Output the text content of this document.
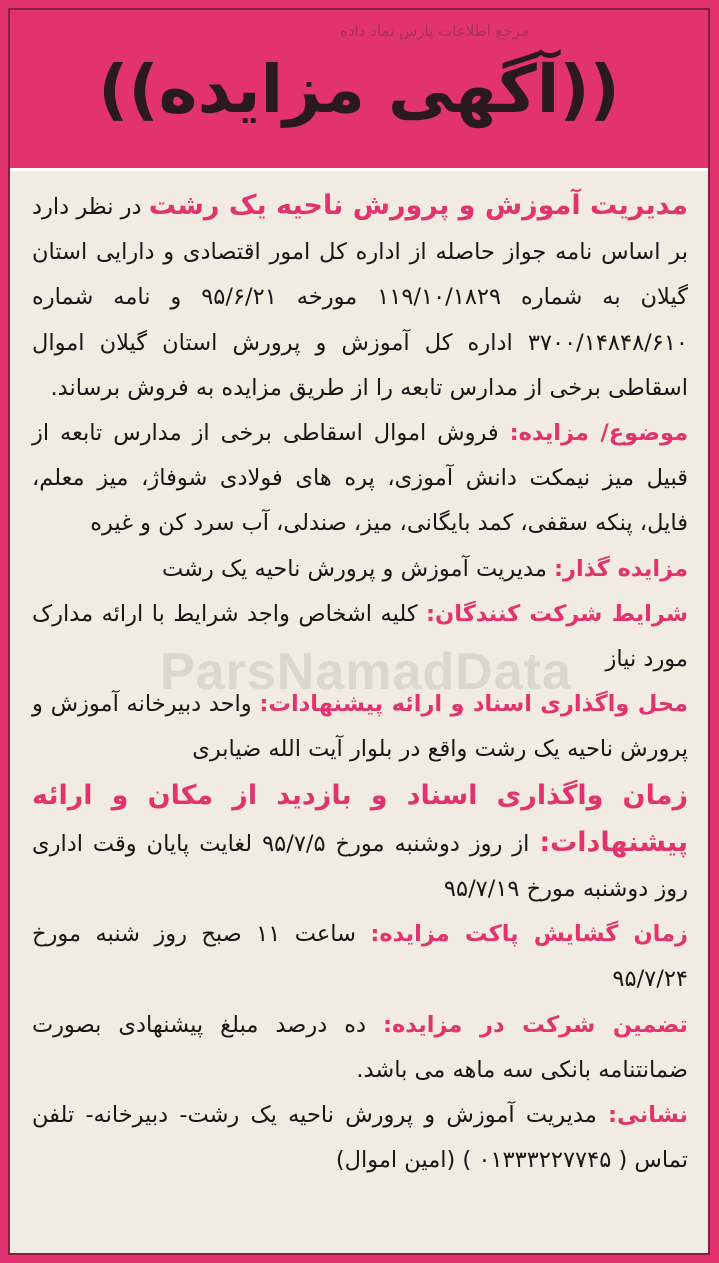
((آگهی مزایده))

مدیریت آموزش و پرورش ناحیه یک رشت در نظر دارد بر اساس نامه جواز حاصله از اداره کل امور اقتصادی و دارایی استان گیلان به شماره ۱۱۹/۱۰/۱۸۲۹ مورخه ۹۵/۶/۲۱ و نامه شماره ۳۷۰۰/۱۴۸۴۸/۶۱۰ اداره کل آموزش و پرورش استان گیلان اموال اسقاطی برخی از مدارس تابعه را از طریق مزایده به فروش برساند.

موضوع/ مزایده: فروش اموال اسقاطی برخی از مدارس تابعه از قبیل میز نیمکت دانش آموزی، پره های فولادی شوفاژ، میز معلم، فایل، پنکه سقفی، کمد بایگانی، میز، صندلی، آب سرد کن و غیره

مزایده گذار: مدیریت آموزش و پرورش ناحیه یک رشت

شرایط شرکت کنندگان: کلیه اشخاص واجد شرایط با ارائه مدارک مورد نیاز

محل واگذاری اسناد و ارائه پیشنهادات: واحد دبیرخانه آموزش و پرورش ناحیه یک رشت واقع در بلوار آیت الله ضیابری

زمان واگذاری اسناد و بازدید از مکان و ارائه پیشنهادات: از روز دوشنبه مورخ ۹۵/۷/۵ لغایت پایان وقت اداری روز دوشنبه مورخ ۹۵/۷/۱۹

زمان گشایش پاکت مزایده: ساعت ۱۱ صبح روز شنبه مورخ ۹۵/۷/۲۴

تضمین شرکت در مزایده: ده درصد مبلغ پیشنهادی بصورت ضمانتنامه بانکی سه ماهه می باشد.

نشانی: مدیریت آموزش و پرورش ناحیه یک رشت- دبیرخانه- تلفن تماس ( ۰۱۳۳۳۲۲۷۷۴۵ ) (امین اموال)

ParsNamadData
مرجع اطلاعات پارس نماد داده
